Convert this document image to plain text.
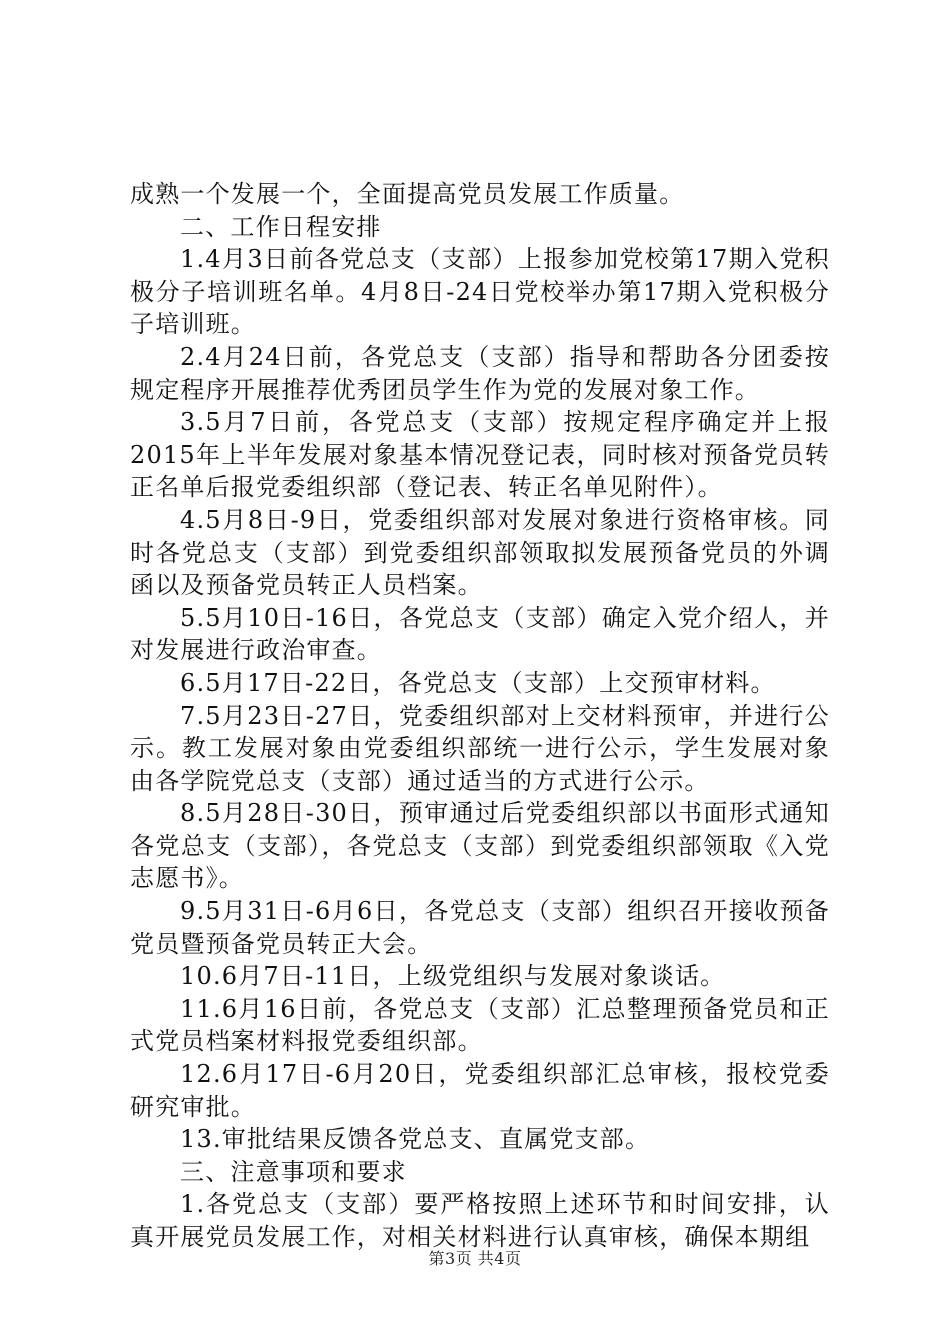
成熟一个发展一个，全面提高党员发展工作质量。

二、工作日程安排

1.4月3日前各党总支（支部）上报参加党校第17期入党积极分子培训班名单。4月8日-24日党校举办第17期入党积极分子培训班。

2.4月24日前，各党总支（支部）指导和帮助各分团委按规定程序开展推荐优秀团员学生作为党的发展对象工作。

3.5月7日前，各党总支（支部）按规定程序确定并上报2015年上半年发展对象基本情况登记表，同时核对预备党员转正名单后报党委组织部（登记表、转正名单见附件）。

4.5月8日-9日，党委组织部对发展对象进行资格审核。同时各党总支（支部）到党委组织部领取拟发展预备党员的外调函以及预备党员转正人员档案。

5.5月10日-16日，各党总支（支部）确定入党介绍人，并对发展进行政治审查。

6.5月17日-22日，各党总支（支部）上交预审材料。

7.5月23日-27日，党委组织部对上交材料预审，并进行公示。教工发展对象由党委组织部统一进行公示，学生发展对象由各学院党总支（支部）通过适当的方式进行公示。

8.5月28日-30日，预审通过后党委组织部以书面形式通知各党总支（支部），各党总支（支部）到党委组织部领取《入党志愿书》。

9.5月31日-6月6日，各党总支（支部）组织召开接收预备党员暨预备党员转正大会。

10.6月7日-11日，上级党组织与发展对象谈话。

11.6月16日前，各党总支（支部）汇总整理预备党员和正式党员档案材料报党委组织部。

12.6月17日-6月20日，党委组织部汇总审核，报校党委研究审批。

13.审批结果反馈各党总支、直属党支部。

三、注意事项和要求

1.各党总支（支部）要严格按照上述环节和时间安排，认真开展党员发展工作，对相关材料进行认真审核，确保本期组

第3页 共4页
